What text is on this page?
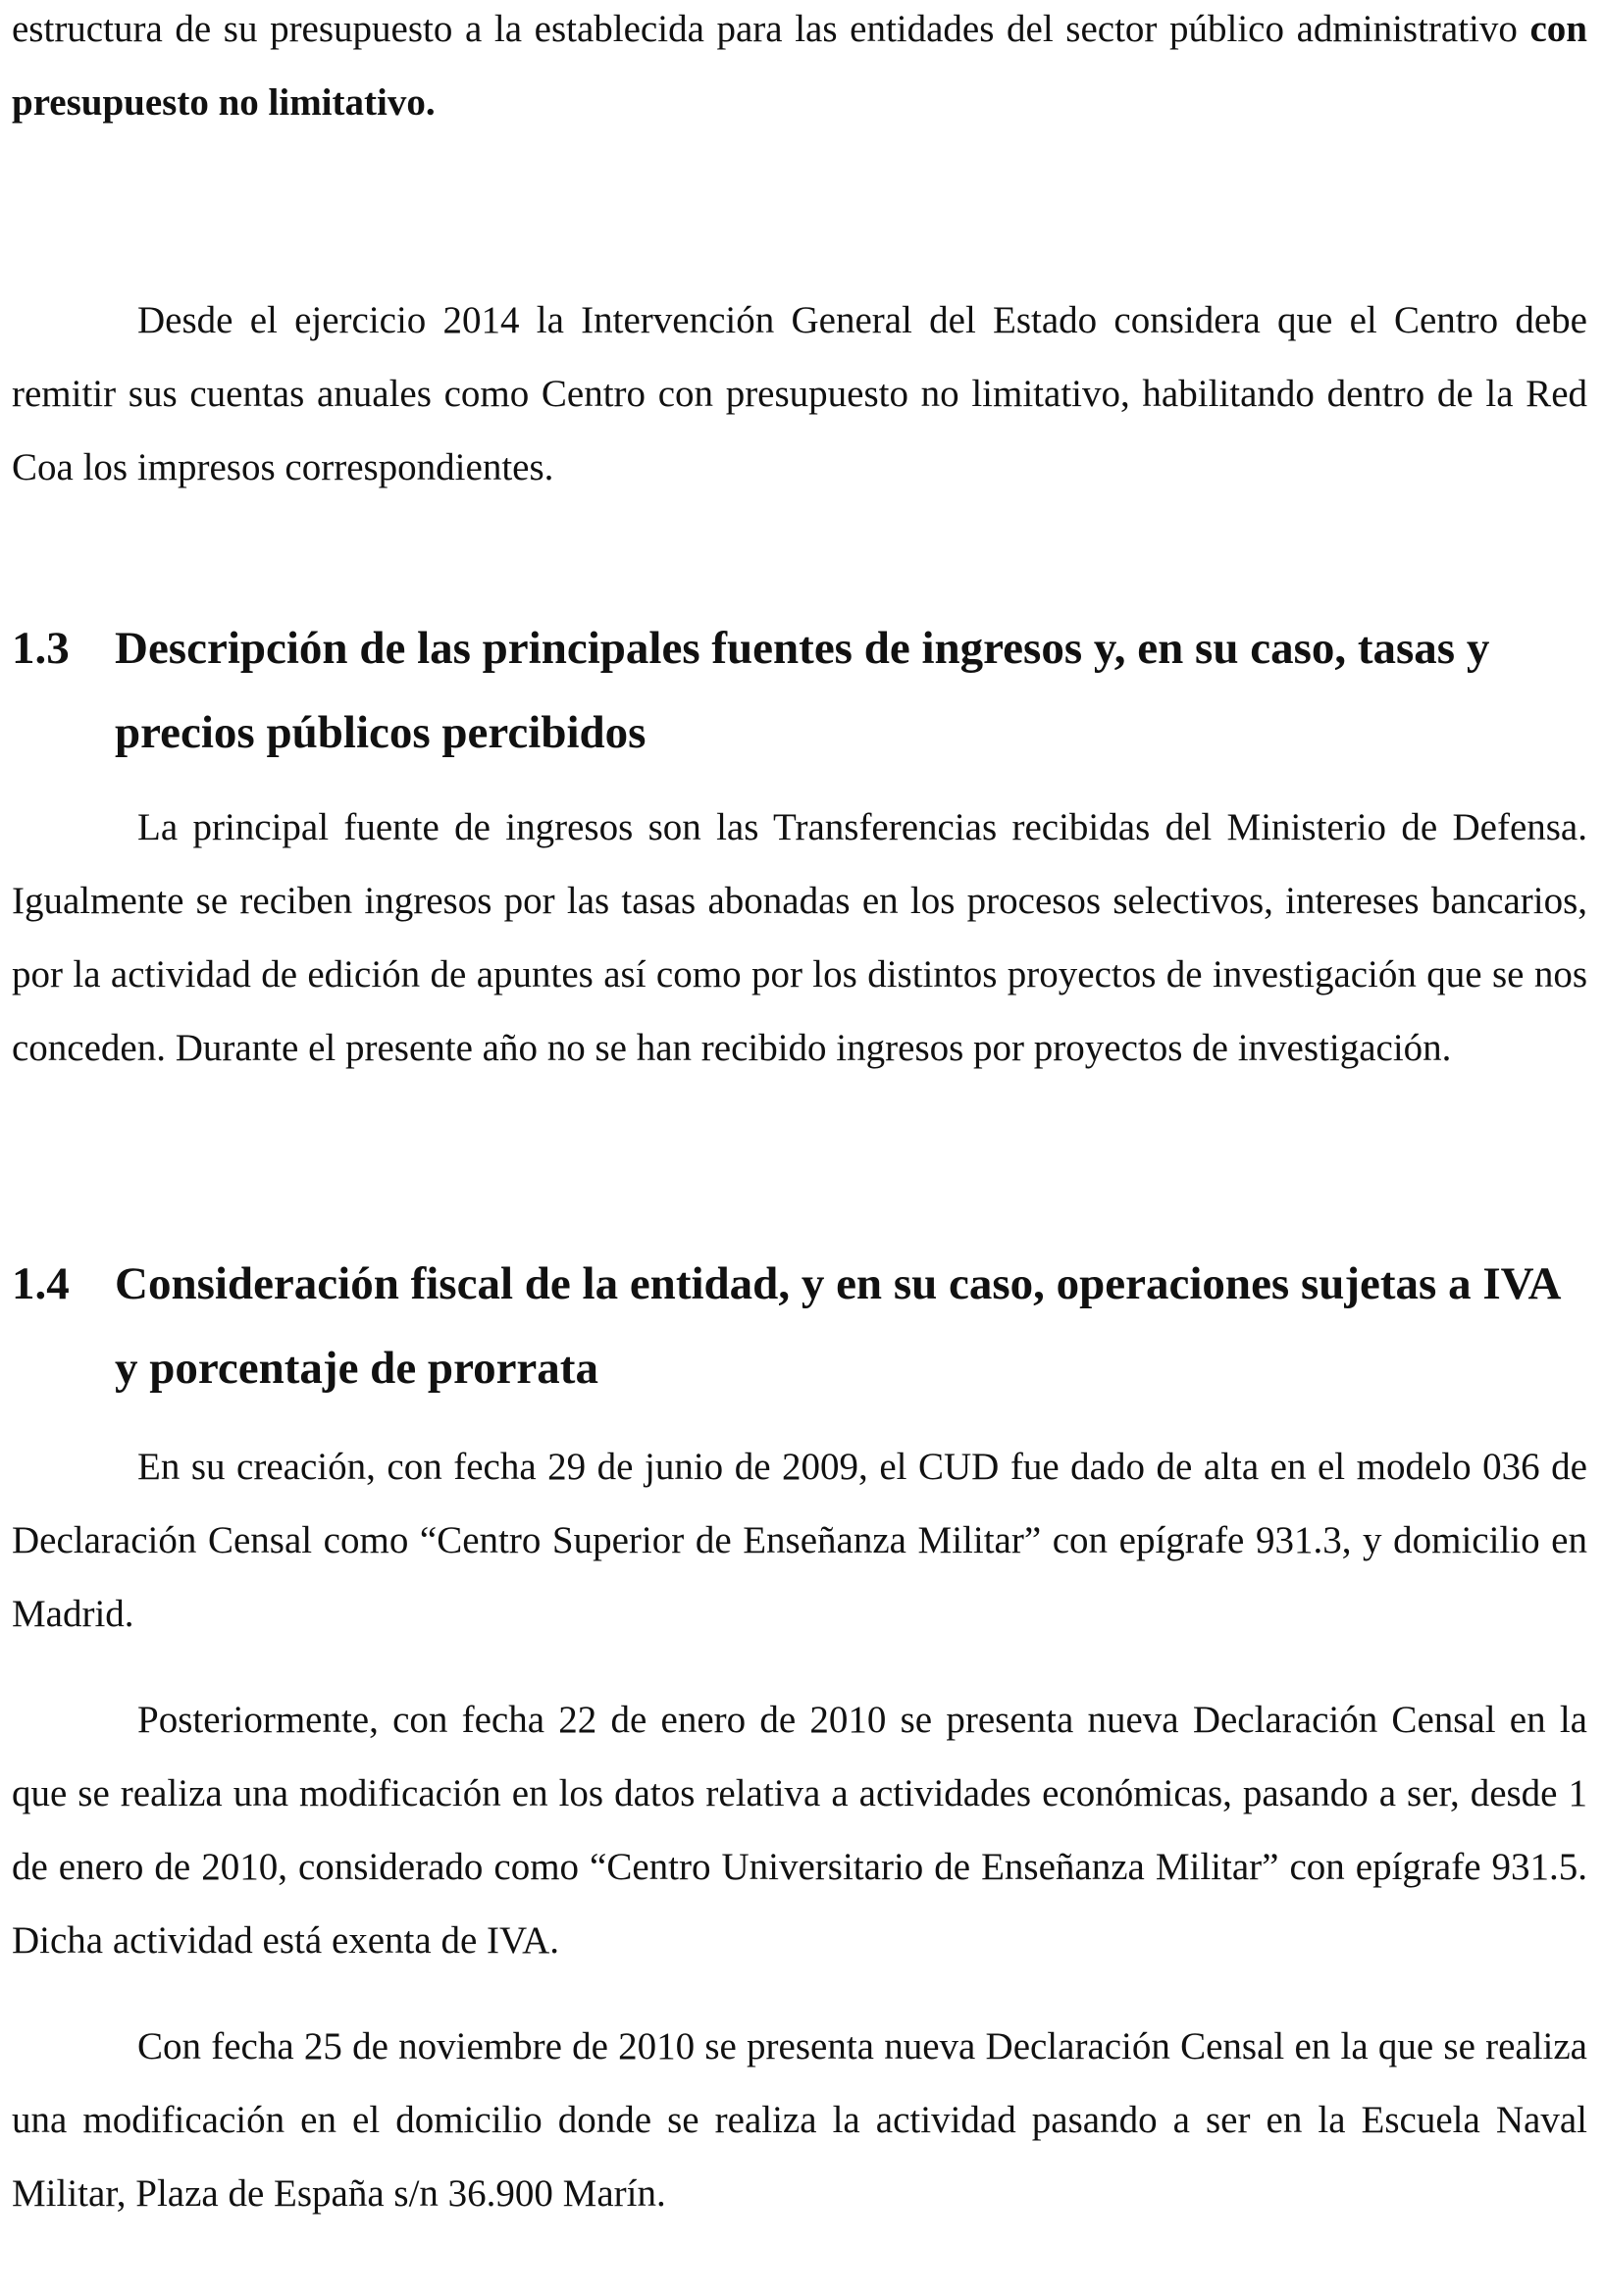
estructura de su presupuesto a la establecida para las entidades del sector público administrativo con presupuesto no limitativo.

Desde el ejercicio 2014 la Intervención General del Estado considera que el Centro debe remitir sus cuentas anuales como Centro con presupuesto no limitativo, habilitando dentro de la Red Coa los impresos correspondientes.

1.3 Descripción de las principales fuentes de ingresos y, en su caso, tasas y precios públicos percibidos

La principal fuente de ingresos son las Transferencias recibidas del Ministerio de Defensa. Igualmente se reciben ingresos por las tasas abonadas en los procesos selectivos, intereses bancarios, por la actividad de edición de apuntes así como por los distintos proyectos de investigación que se nos conceden. Durante el presente año no se han recibido ingresos por proyectos de investigación.

1.4 Consideración fiscal de la entidad, y en su caso, operaciones sujetas a IVA y porcentaje de prorrata

En su creación, con fecha 29 de junio de 2009, el CUD fue dado de alta en el modelo 036 de Declaración Censal como “Centro Superior de Enseñanza Militar” con epígrafe 931.3, y domicilio en Madrid.

Posteriormente, con fecha 22 de enero de 2010 se presenta nueva Declaración Censal en la que se realiza una modificación en los datos relativa a actividades económicas, pasando a ser, desde 1 de enero de 2010, considerado como “Centro Universitario de Enseñanza Militar” con epígrafe 931.5. Dicha actividad está exenta de IVA.

Con fecha 25 de noviembre de 2010 se presenta nueva Declaración Censal en la que se realiza una modificación en el domicilio donde se realiza la actividad pasando a ser en la Escuela Naval Militar, Plaza de España s/n 36.900 Marín.
